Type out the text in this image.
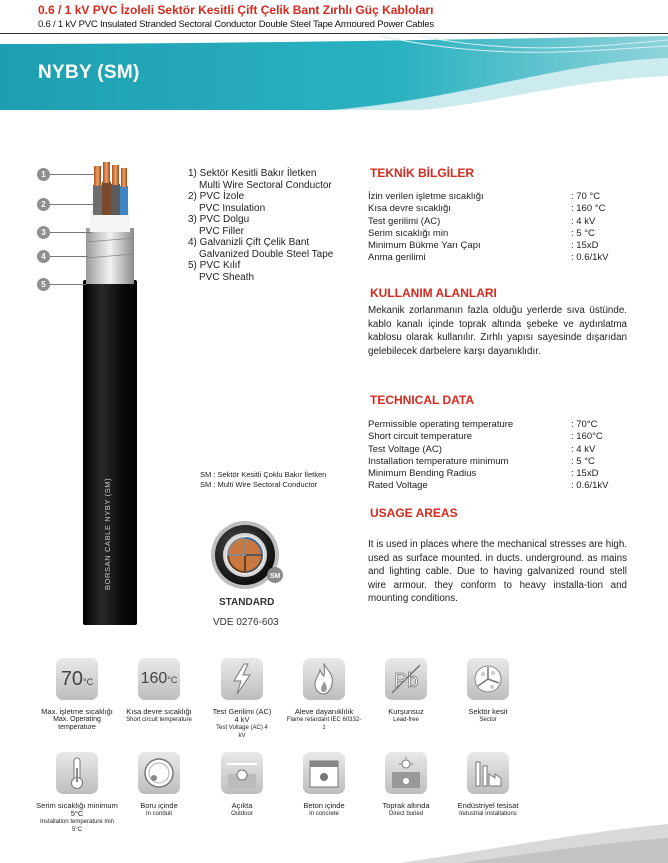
0.6 / 1 kV PVC İzoleli Sektör Kesitli Çift Çelik Bant Zırhlı Güç Kabloları
0.6 / 1 kV PVC Insulated Stranded Sectoral Conductor Double Steel Tape Armoured Power Cables
NYBY (SM)
BORSAN CABLE NYBY (SM)
1
2
3
4
5
1) Sektör Kesitli Bakır İletken
Multi Wire Sectoral Conductor
2) PVC İzole
PVC Insulation
3) PVC Dolgu
PVC Filler
4) Galvanizli Çift Çelik Bant
Galvanized Double Steel Tape
5) PVC Kılıf
PVC Sheath
SM : Sektör Kesitli Çoklu Bakır İletken
SM : Multi Wire Sectoral Conductor
SM
STANDARD
VDE 0276-603
TEKNİK BİLGİLER
İzin verilen işletme sıcaklığı	: 70 °C
Kısa devre sıcaklığı	: 160 °C
Test gerilimi (AC)	: 4 kV
Serim sıcaklığı min	: 5 °C
Minimum Bükme Yarı Çapı	: 15xD
Anma gerilimi	: 0.6/1kV
KULLANIM ALANLARI
Mekanik zorlanmanın fazla olduğu yerlerde sıva üstünde. kablo kanalı içinde toprak altında şebeke ve aydınlatma kablosu olarak kullanılır. Zırhlı yapısı sayesinde dışarıdan gelebilecek darbelere karşı dayanıklıdır.
TECHNICAL DATA
Permissible operating temperature	: 70°C
Short circuit temperature	: 160°C
Test Voltage (AC)	: 4 kV
Installation temperature minimum	: 5 °C
Minimum Bending Radius	: 15xD
Rated Voltage	: 0.6/1kV
USAGE AREAS
It is used in places where the mechanical stresses are high. used as surface mounted. in ducts. underground. as mains and lighting cable. Due to having galvanized round stell wire armour. they conform to heavy installa-tion and mounting conditions.
70°C	160°C	Pb
Max. işletme sıcaklığı
Max. Operating temperature
Kısa devre sıcaklığı
Short circuit temperature
Test Gerilimi (AC) 4 kV
Test Voltage (AC) 4 kV
Aleve dayanıklılık
Flame retardant IEC 60332-1
Kurşunsuz
Lead-free
Sektör kesit
Sector
Serim sıcaklığı minimum 5°C
Installation temperature min 5°C
Boru içinde
In conduit
Açıkta
Outdoor
Beton içinde
In concrete
Toprak altında
Direct buried
Endüstriyel tesisat
Industrial Installations
